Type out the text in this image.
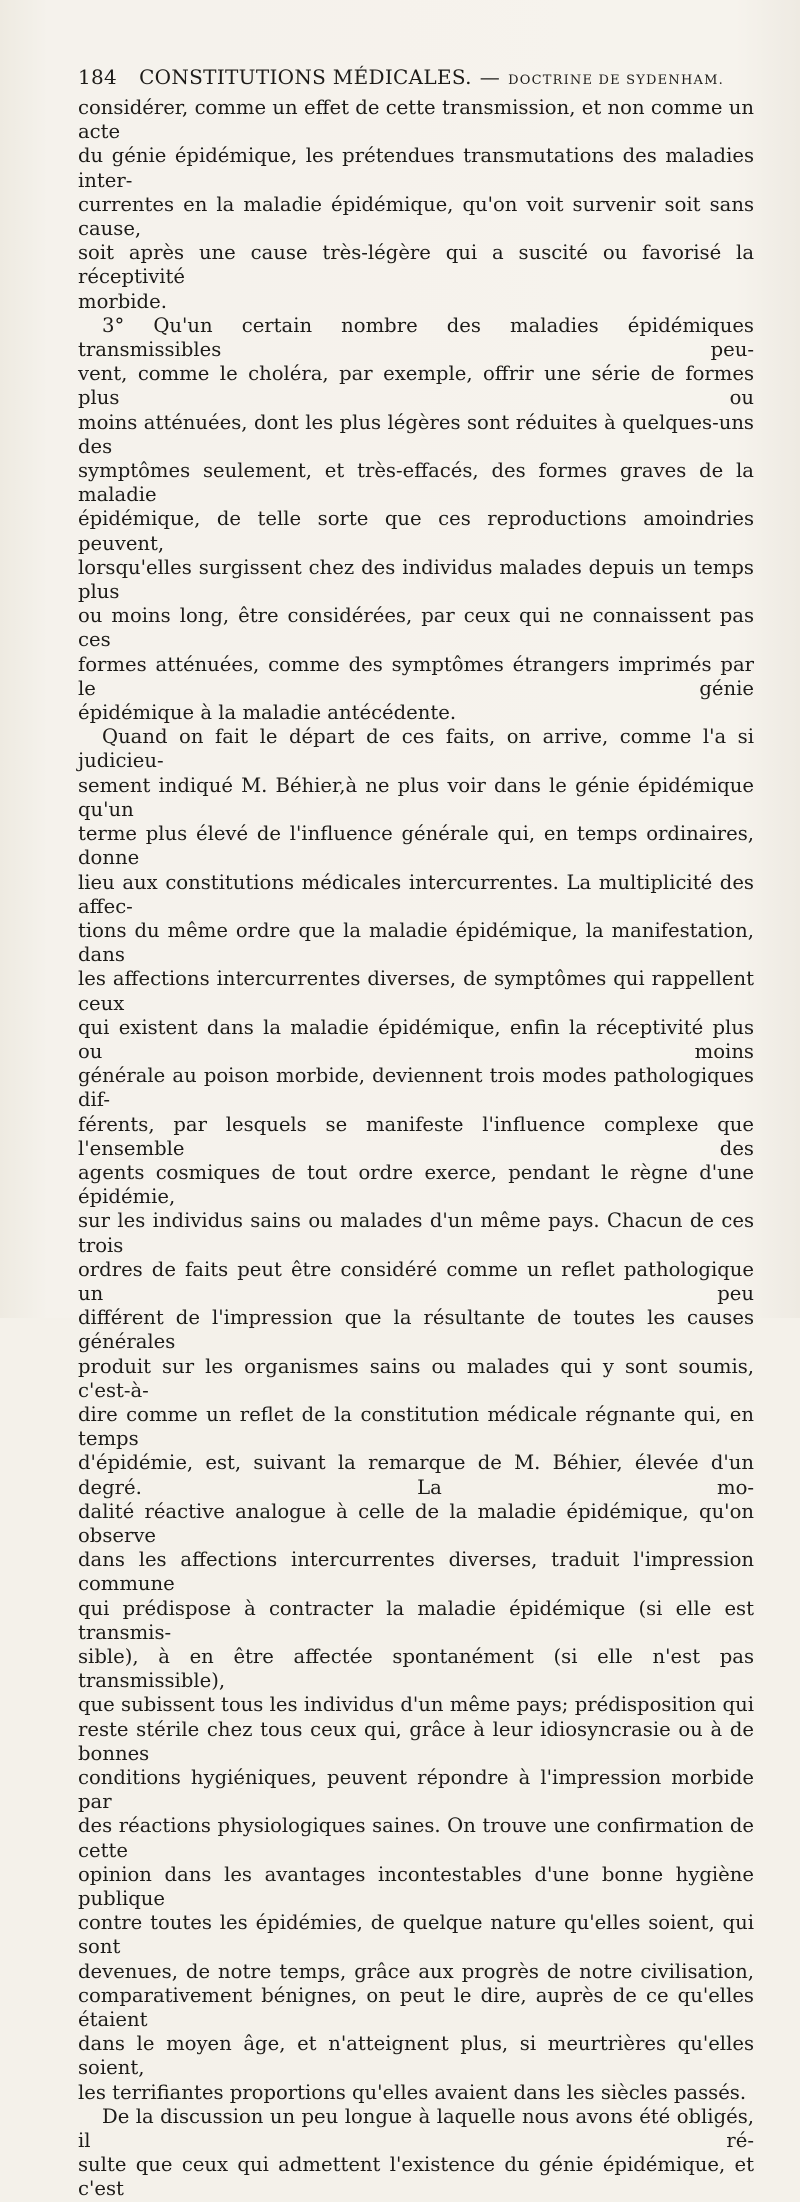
184 CONSTITUTIONS MÉDICALES. — DOCTRINE DE SYDENHAM.

considérer, comme un effet de cette transmission, et non comme un acte

du génie épidémique, les prétendues transmutations des maladies inter-

currentes en la maladie épidémique, qu'on voit survenir soit sans cause,

soit après une cause très-légère qui a suscité ou favorisé la réceptivité

morbide.

3° Qu'un certain nombre des maladies épidémiques transmissibles peu-

vent, comme le choléra, par exemple, offrir une série de formes plus ou

moins atténuées, dont les plus légères sont réduites à quelques-uns des

symptômes seulement, et très-effacés, des formes graves de la maladie

épidémique, de telle sorte que ces reproductions amoindries peuvent,

lorsqu'elles surgissent chez des individus malades depuis un temps plus

ou moins long, être considérées, par ceux qui ne connaissent pas ces

formes atténuées, comme des symptômes étrangers imprimés par le génie

épidémique à la maladie antécédente.

Quand on fait le départ de ces faits, on arrive, comme l'a si judicieu-

sement indiqué M. Béhier,à ne plus voir dans le génie épidémique qu'un

terme plus élevé de l'influence générale qui, en temps ordinaires, donne

lieu aux constitutions médicales intercurrentes. La multiplicité des affec-

tions du même ordre que la maladie épidémique, la manifestation, dans

les affections intercurrentes diverses, de symptômes qui rappellent ceux

qui existent dans la maladie épidémique, enfin la réceptivité plus ou moins

générale au poison morbide, deviennent trois modes pathologiques dif-

férents, par lesquels se manifeste l'influence complexe que l'ensemble des

agents cosmiques de tout ordre exerce, pendant le règne d'une épidémie,

sur les individus sains ou malades d'un même pays. Chacun de ces trois

ordres de faits peut être considéré comme un reflet pathologique un peu

différent de l'impression que la résultante de toutes les causes générales

produit sur les organismes sains ou malades qui y sont soumis, c'est-à-

dire comme un reflet de la constitution médicale régnante qui, en temps

d'épidémie, est, suivant la remarque de M. Béhier, élevée d'un degré. La mo-

dalité réactive analogue à celle de la maladie épidémique, qu'on observe

dans les affections intercurrentes diverses, traduit l'impression commune

qui prédispose à contracter la maladie épidémique (si elle est transmis-

sible), à en être affectée spontanément (si elle n'est pas transmissible),

que subissent tous les individus d'un même pays; prédisposition qui

reste stérile chez tous ceux qui, grâce à leur idiosyncrasie ou à de bonnes

conditions hygiéniques, peuvent répondre à l'impression morbide par

des réactions physiologiques saines. On trouve une confirmation de cette

opinion dans les avantages incontestables d'une bonne hygiène publique

contre toutes les épidémies, de quelque nature qu'elles soient, qui sont

devenues, de notre temps, grâce aux progrès de notre civilisation,

comparativement bénignes, on peut le dire, auprès de ce qu'elles étaient

dans le moyen âge, et n'atteignent plus, si meurtrières qu'elles soient,

les terrifiantes proportions qu'elles avaient dans les siècles passés.

De la discussion un peu longue à laquelle nous avons été obligés, il ré-

sulte que ceux qui admettent l'existence du génie épidémique, et c'est
